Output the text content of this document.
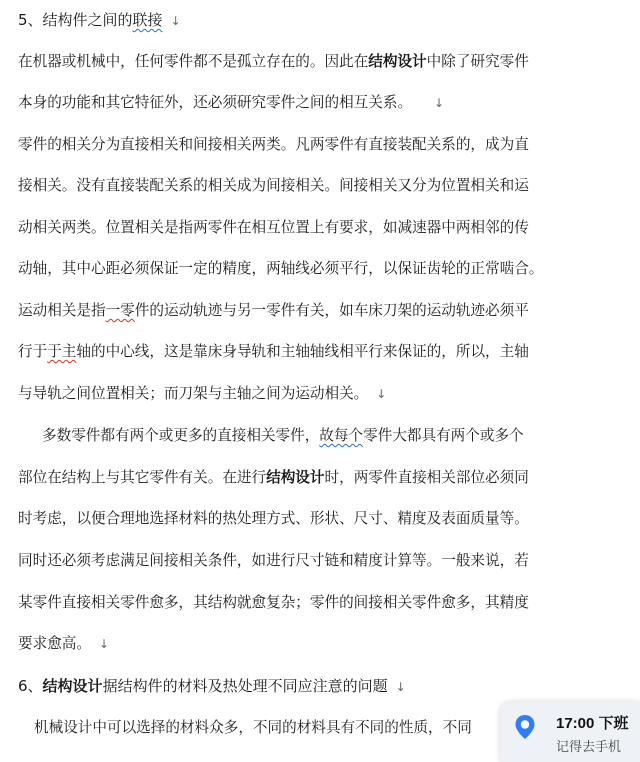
5、结构件之间的联接 ↓
在机器或机械中，任何零件都不是孤立存在的。因此在结构设计中除了研究零件
本身的功能和其它特征外，还必须研究零件之间的相互关系。 ↓
零件的相关分为直接相关和间接相关两类。凡两零件有直接装配关系的，成为直
接相关。没有直接装配关系的相关成为间接相关。间接相关又分为位置相关和运
动相关两类。位置相关是指两零件在相互位置上有要求，如减速器中两相邻的传
动轴，其中心距必须保证一定的精度，两轴线必须平行，以保证齿轮的正常啮合。
运动相关是指一零件的运动轨迹与另一零件有关，如车床刀架的运动轨迹必须平
行于于主轴的中心线，这是靠床身导轨和主轴轴线相平行来保证的，所以，主轴
与导轨之间位置相关；而刀架与主轴之间为运动相关。 ↓
多数零件都有两个或更多的直接相关零件，故每个零件大都具有两个或多个
部位在结构上与其它零件有关。在进行结构设计时，两零件直接相关部位必须同
时考虑，以便合理地选择材料的热处理方式、形状、尺寸、精度及表面质量等。
同时还必须考虑满足间接相关条件，如进行尺寸链和精度计算等。一般来说，若
某零件直接相关零件愈多，其结构就愈复杂；零件的间接相关零件愈多，其精度
要求愈高。 ↓
6、结构设计据结构件的材料及热处理不同应注意的问题 ↓
机械设计中可以选择的材料众多，不同的材料具有不同的性质，不同	17:00 下班
记得去手机
